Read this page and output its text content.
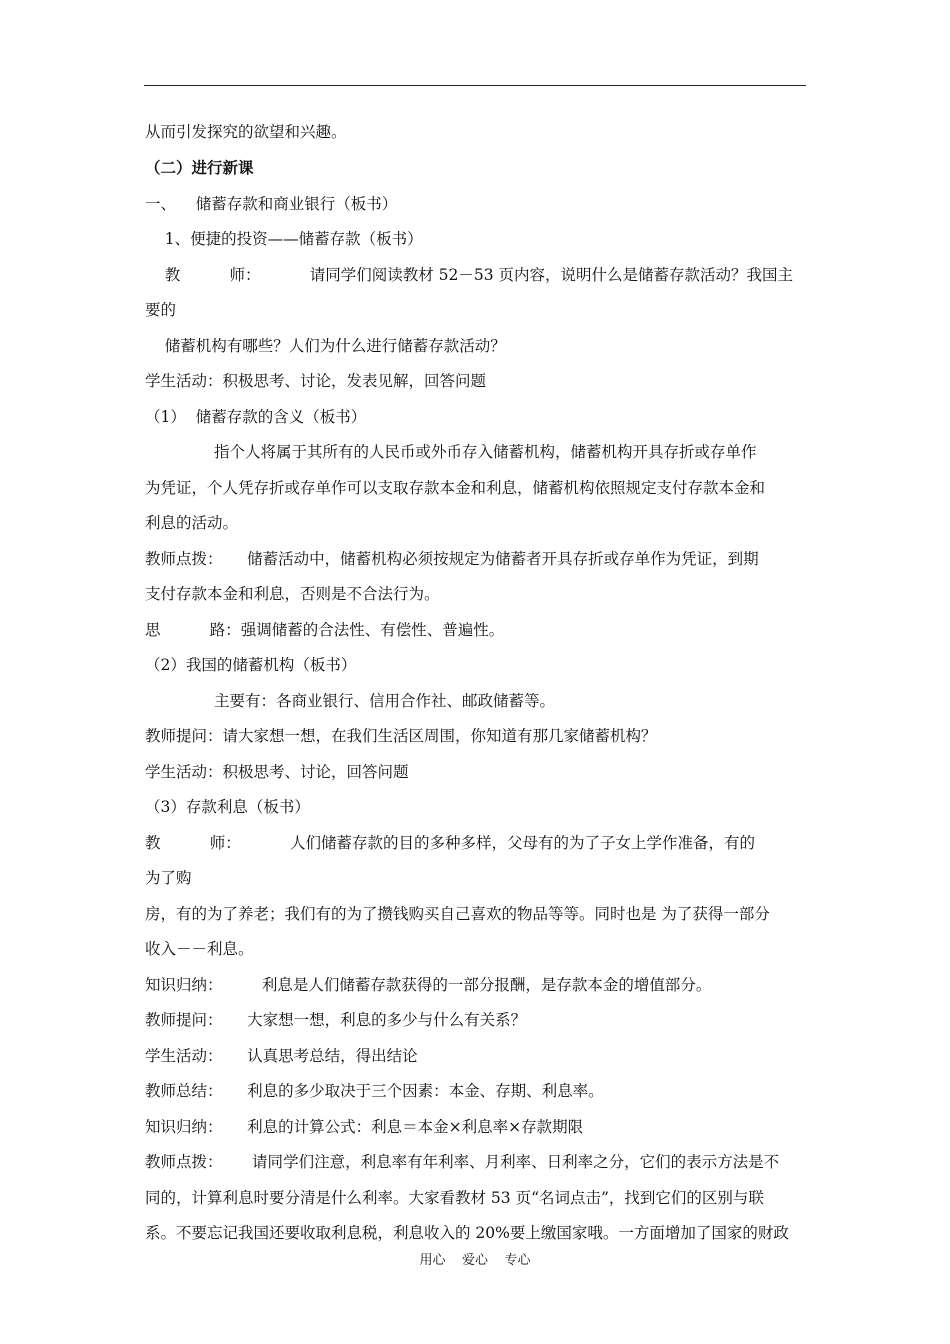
从而引发探究的欲望和兴趣。
（二）进行新课
一、    储蓄存款和商业银行（板书）
1、便捷的投资——储蓄存款（板书）
教          师：          请同学们阅读教材 52－53 页内容，说明什么是储蓄存款活动？我国主
要的
储蓄机构有哪些？人们为什么进行储蓄存款活动？
学生活动：积极思考、讨论，发表见解，回答问题
（1）  储蓄存款的含义（板书）
指个人将属于其所有的人民币或外币存入储蓄机构，储蓄机构开具存折或存单作
为凭证，个人凭存折或存单作可以支取存款本金和利息，储蓄机构依照规定支付存款本金和
利息的活动。
教师点拨：     储蓄活动中，储蓄机构必须按规定为储蓄者开具存折或存单作为凭证，到期
支付存款本金和利息，否则是不合法行为。
思          路：强调储蓄的合法性、有偿性、普遍性。
（2）我国的储蓄机构（板书）
主要有：各商业银行、信用合作社、邮政储蓄等。
教师提问：请大家想一想，在我们生活区周围，你知道有那几家储蓄机构？
学生活动：积极思考、讨论，回答问题
（3）存款利息（板书）
教          师：          人们储蓄存款的目的多种多样，父母有的为了子女上学作准备，有的
为了购
房，有的为了养老；我们有的为了攒钱购买自己喜欢的物品等等。同时也是 为了获得一部分
收入－－利息。
知识归纳：        利息是人们储蓄存款获得的一部分报酬，是存款本金的增值部分。
教师提问：     大家想一想，利息的多少与什么有关系？
学生活动：     认真思考总结，得出结论
教师总结：     利息的多少取决于三个因素：本金、存期、利息率。
知识归纳：     利息的计算公式：利息＝本金×利息率×存款期限
教师点拨：      请同学们注意，利息率有年利率、月利率、日利率之分，它们的表示方法是不
同的，计算利息时要分清是什么利率。大家看教材 53 页“名词点击”，找到它们的区别与联
系。不要忘记我国还要收取利息税，利息收入的 20%要上缴国家哦。一方面增加了国家的财政
用心    爱心    专心
